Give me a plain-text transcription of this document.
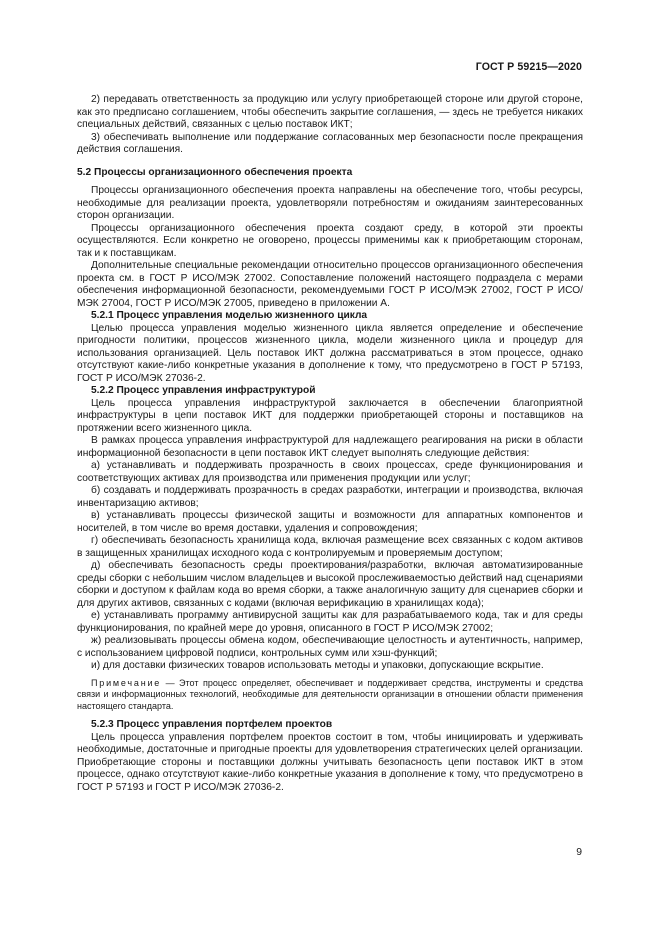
ГОСТ Р 59215—2020

2) передавать ответственность за продукцию или услугу приобретающей стороне или другой стороне, как это предписано соглашением, чтобы обеспечить закрытие соглашения, — здесь не требуется никаких специальных действий, связанных с целью поставок ИКТ;

3) обеспечивать выполнение или поддержание согласованных мер безопасности после прекращения действия соглашения.

5.2 Процессы организационного обеспечения проекта

Процессы организационного обеспечения проекта направлены на обеспечение того, чтобы ресурсы, необходимые для реализации проекта, удовлетворяли потребностям и ожиданиям заинтересованных сторон организации.

Процессы организационного обеспечения проекта создают среду, в которой эти проекты осуществляются. Если конкретно не оговорено, процессы применимы как к приобретающим сторонам, так и к поставщикам.

Дополнительные специальные рекомендации относительно процессов организационного обеспечения проекта см. в ГОСТ Р ИСО/МЭК 27002. Сопоставление положений настоящего подраздела с мерами обеспечения информационной безопасности, рекомендуемыми ГОСТ Р ИСО/МЭК 27002, ГОСТ Р ИСО/МЭК 27004, ГОСТ Р ИСО/МЭК 27005, приведено в приложении А.

5.2.1 Процесс управления моделью жизненного цикла

Целью процесса управления моделью жизненного цикла является определение и обеспечение пригодности политики, процессов жизненного цикла, модели жизненного цикла и процедур для использования организацией. Цель поставок ИКТ должна рассматриваться в этом процессе, однако отсутствуют какие-либо конкретные указания в дополнение к тому, что предусмотрено в ГОСТ Р 57193, ГОСТ Р ИСО/МЭК 27036-2.

5.2.2 Процесс управления инфраструктурой

Цель процесса управления инфраструктурой заключается в обеспечении благоприятной инфраструктуры в цепи поставок ИКТ для поддержки приобретающей стороны и поставщиков на протяжении всего жизненного цикла.

В рамках процесса управления инфраструктурой для надлежащего реагирования на риски в области информационной безопасности в цепи поставок ИКТ следует выполнять следующие действия:

а) устанавливать и поддерживать прозрачность в своих процессах, среде функционирования и соответствующих активах для производства или применения продукции или услуг;

б) создавать и поддерживать прозрачность в средах разработки, интеграции и производства, включая инвентаризацию активов;

в) устанавливать процессы физической защиты и возможности для аппаратных компонентов и носителей, в том числе во время доставки, удаления и сопровождения;

г) обеспечивать безопасность хранилища кода, включая размещение всех связанных с кодом активов в защищенных хранилищах исходного кода с контролируемым и проверяемым доступом;

д) обеспечивать безопасность среды проектирования/разработки, включая автоматизированные среды сборки с небольшим числом владельцев и высокой прослеживаемостью действий над сценариями сборки и доступом к файлам кода во время сборки, а также аналогичную защиту для сценариев сборки и для других активов, связанных с кодами (включая верификацию в хранилищах кода);

е) устанавливать программу антивирусной защиты как для разрабатываемого кода, так и для среды функционирования, по крайней мере до уровня, описанного в ГОСТ Р ИСО/МЭК 27002;

ж) реализовывать процессы обмена кодом, обеспечивающие целостность и аутентичность, например, с использованием цифровой подписи, контрольных сумм или хэш-функций;

и) для доставки физических товаров использовать методы и упаковки, допускающие вскрытие.

Примечание — Этот процесс определяет, обеспечивает и поддерживает средства, инструменты и средства связи и информационных технологий, необходимые для деятельности организации в отношении области применения настоящего стандарта.

5.2.3 Процесс управления портфелем проектов

Цель процесса управления портфелем проектов состоит в том, чтобы инициировать и удерживать необходимые, достаточные и пригодные проекты для удовлетворения стратегических целей организации. Приобретающие стороны и поставщики должны учитывать безопасность цепи поставок ИКТ в этом процессе, однако отсутствуют какие-либо конкретные указания в дополнение к тому, что предусмотрено в ГОСТ Р 57193 и ГОСТ Р ИСО/МЭК 27036-2.

9
